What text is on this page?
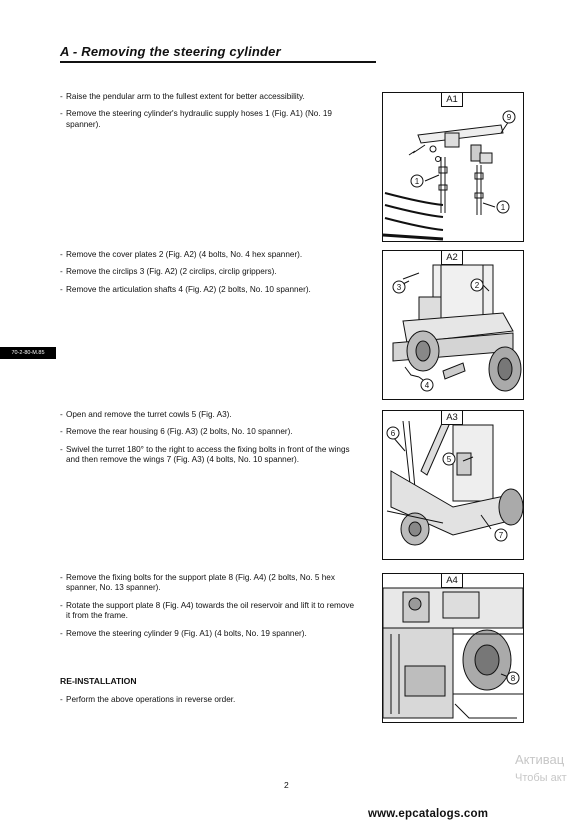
A - Removing the steering cylinder
70-2-80-M.85
- Raise the pendular arm to the fullest extent for better accessibility.
- Remove the steering cylinder's hydraulic supply hoses 1 (Fig. A1) (No. 19 spanner).
- Remove the cover plates 2 (Fig. A2) (4 bolts, No. 4 hex spanner).
- Remove the circlips 3 (Fig. A2) (2 circlips, circlip grippers).
- Remove the articulation shafts 4 (Fig. A2) (2 bolts, No. 10 spanner).
- Open and remove the turret cowls 5 (Fig. A3).
- Remove the rear housing 6 (Fig. A3) (2 bolts, No. 10 spanner).
- Swivel the turret 180° to the right to access the fixing bolts in front of the wings and then remove the wings 7 (Fig. A3) (4 bolts, No. 10 spanner).
- Remove the fixing bolts for the support plate 8 (Fig. A4) (2 bolts, No. 5 hex spanner, No. 13 spanner).
- Rotate the support plate 8 (Fig. A4) towards the oil reservoir and lift it to remove it from the frame.
- Remove the steering cylinder 9 (Fig. A1) (4 bolts, No. 19 spanner).
RE-INSTALLATION
- Perform the above operations in reverse order.
A1
9
1
1
A2
3	2
4
A3
6
5
7
A4
8
2
Активац
Чтобы акт
www.epcatalogs.com
